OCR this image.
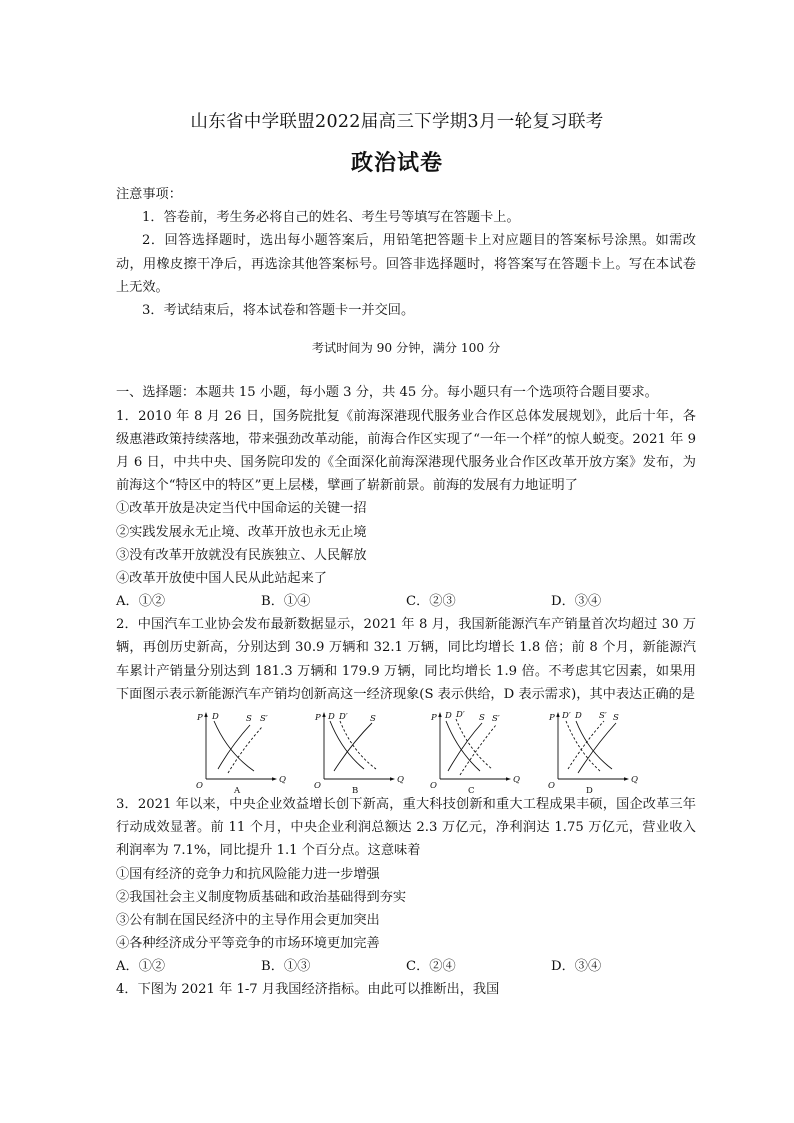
山东省中学联盟2022届高三下学期3月一轮复习联考
政治试卷
注意事项：
1．答卷前，考生务必将自己的姓名、考生号等填写在答题卡上。
2．回答选择题时，选出每小题答案后，用铅笔把答题卡上对应题目的答案标号涂黑。如需改动，用橡皮擦干净后，再选涂其他答案标号。回答非选择题时，将答案写在答题卡上。写在本试卷上无效。
3．考试结束后，将本试卷和答题卡一并交回。
考试时间为 90 分钟，满分 100 分
一、选择题：本题共 15 小题，每小题 3 分，共 45 分。每小题只有一个选项符合题目要求。
1．2010 年 8 月 26 日，国务院批复《前海深港现代服务业合作区总体发展规划》，此后十年，各级惠港政策持续落地，带来强劲改革动能，前海合作区实现了“一年一个样”的惊人蜕变。2021 年 9 月 6 日，中共中央、国务院印发的《全面深化前海深港现代服务业合作区改革开放方案》发布，为前海这个“特区中的特区”更上层楼，擘画了崭新前景。前海的发展有力地证明了
①改革开放是决定当代中国命运的关键一招
②实践发展永无止境、改革开放也永无止境
③没有改革开放就没有民族独立、人民解放
④改革开放使中国人民从此站起来了
A．①②	B．①④	C．②③	D．③④
2．中国汽车工业协会发布最新数据显示，2021 年 8 月，我国新能源汽车产销量首次均超过 30 万辆，再创历史新高，分别达到 30.9 万辆和 32.1 万辆，同比均增长 1.8 倍；前 8 个月，新能源汽车累计产销量分别达到 181.3 万辆和 179.9 万辆，同比均增长 1.9 倍。不考虑其它因素，如果用下面图示表示新能源汽车产销均创新高这一经济现象(S 表示供给，D 表示需求)，其中表达正确的是
P
Q
O
D	S S′
A
P
Q
O
D D′	S
B
P
Q
O
D D′ S S′
C
P
Q
O
D′ D S′ S
D
3．2021 年以来，中央企业效益增长创下新高，重大科技创新和重大工程成果丰硕，国企改革三年行动成效显著。前 11 个月，中央企业利润总额达 2.3 万亿元，净利润达 1.75 万亿元，营业收入利润率为 7.1%，同比提升 1.1 个百分点。这意味着
①国有经济的竞争力和抗风险能力进一步增强
②我国社会主义制度物质基础和政治基础得到夯实
③公有制在国民经济中的主导作用会更加突出
④各种经济成分平等竞争的市场环境更加完善
A．①②	B．①③	C．②④	D．③④
4．下图为 2021 年 1-7 月我国经济指标。由此可以推断出，我国
